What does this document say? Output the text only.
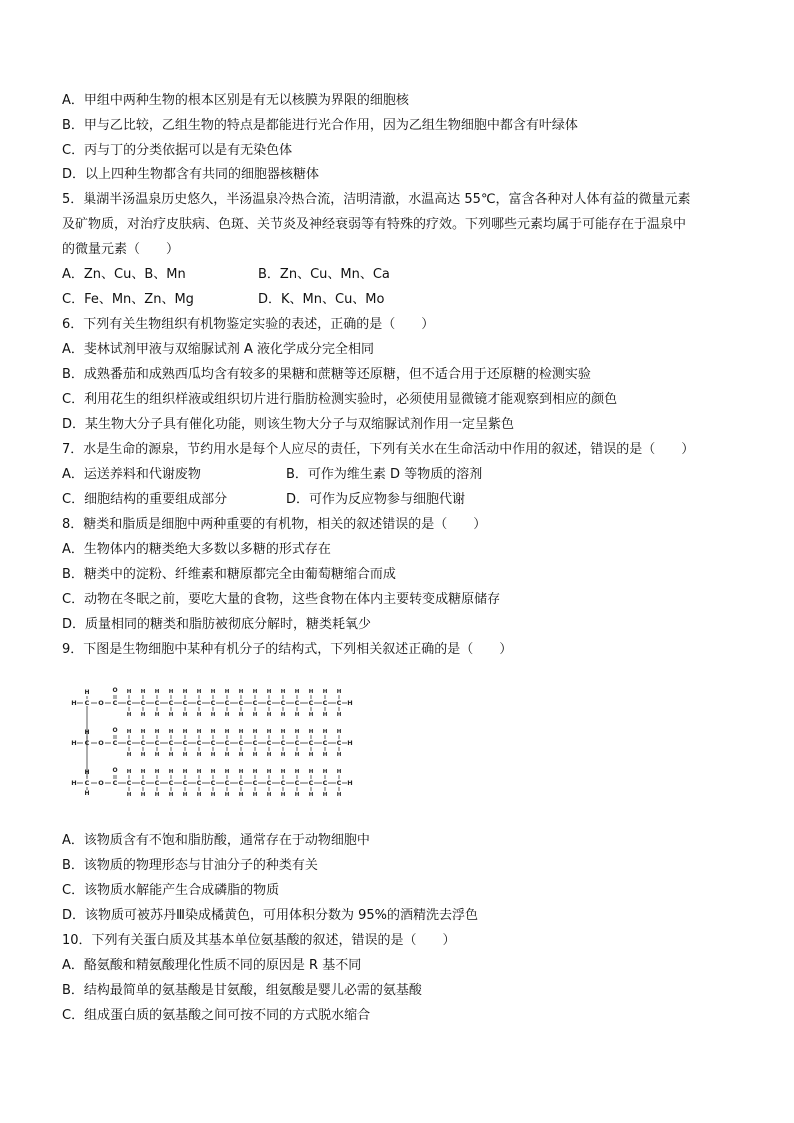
A．甲组中两种生物的根本区别是有无以核膜为界限的细胞核
B．甲与乙比较，乙组生物的特点是都能进行光合作用，因为乙组生物细胞中都含有叶绿体
C．丙与丁的分类依据可以是有无染色体
D．以上四种生物都含有共同的细胞器核糖体
5．巢湖半汤温泉历史悠久，半汤温泉冷热合流，洁明清澈，水温高达 55℃，富含各种对人体有益的微量元素
及矿物质，对治疗皮肤病、色斑、关节炎及神经衰弱等有特殊的疗效。下列哪些元素均属于可能存在于温泉中
的微量元素（　　）
A．Zn、Cu、B、Mn	B．Zn、Cu、Mn、Ca
C．Fe、Mn、Zn、Mg	D．K、Mn、Cu、Mo
6．下列有关生物组织有机物鉴定实验的表述，正确的是（　　）
A．斐林试剂甲液与双缩脲试剂 A 液化学成分完全相同
B．成熟番茄和成熟西瓜均含有较多的果糖和蔗糖等还原糖，但不适合用于还原糖的检测实验
C．利用花生的组织样液或组织切片进行脂肪检测实验时，必须使用显微镜才能观察到相应的颜色
D．某生物大分子具有催化功能，则该生物大分子与双缩脲试剂作用一定呈紫色
7．水是生命的源泉，节约用水是每个人应尽的责任，下列有关水在生命活动中作用的叙述，错误的是（　　）
A．运送养料和代谢废物	B．可作为维生素 D 等物质的溶剂
C．细胞结构的重要组成部分	D．可作为反应物参与细胞代谢
8．糖类和脂质是细胞中两种重要的有机物，相关的叙述错误的是（　　）
A．生物体内的糖类绝大多数以多糖的形式存在
B．糖类中的淀粉、纤维素和糖原都完全由葡萄糖缩合而成
C．动物在冬眠之前，要吃大量的食物，这些食物在体内主要转变成糖原储存
D．质量相同的糖类和脂肪被彻底分解时，糖类耗氧少
9．下图是生物细胞中某种有机分子的结构式，下列相关叙述正确的是（　　）
H C
H
O C
O
C
H
H
C
H
H
C
H
H
C
H
H
C
H
H
C
H
H
C
H
H
C
H
H
C
H
H
C
H
H
C
H
H
C
H
H
C
H
H
C
H
H
C
H
H
C
H
H
H
H C
H
O C
O
C
H
H
C
H
H
C
H
H
C
H
H
C
H
H
C
H
H
C
H
H
C
H
H
C
H
H
C
H
H
C
H
H
C
H
H
C
H
H
C
H
H
C
H
H
C
H
H
H
H C
H
O C
O
C
H
H
C
H
H
C
H
H
C
H
H
C
H
H
C
H
H
C
H
H
C
H
H
C
H
H
C
H
H
C
H
H
C
H
H
C
H
H
C
H
H
C
H
H
C
H
H
H
H
A．该物质含有不饱和脂肪酸，通常存在于动物细胞中
B．该物质的物理形态与甘油分子的种类有关
C．该物质水解能产生合成磷脂的物质
D．该物质可被苏丹Ⅲ染成橘黄色，可用体积分数为 95%的酒精洗去浮色
10．下列有关蛋白质及其基本单位氨基酸的叙述，错误的是（　　）
A．酪氨酸和精氨酸理化性质不同的原因是 R 基不同
B．结构最简单的氨基酸是甘氨酸，组氨酸是婴儿必需的氨基酸
C．组成蛋白质的氨基酸之间可按不同的方式脱水缩合
